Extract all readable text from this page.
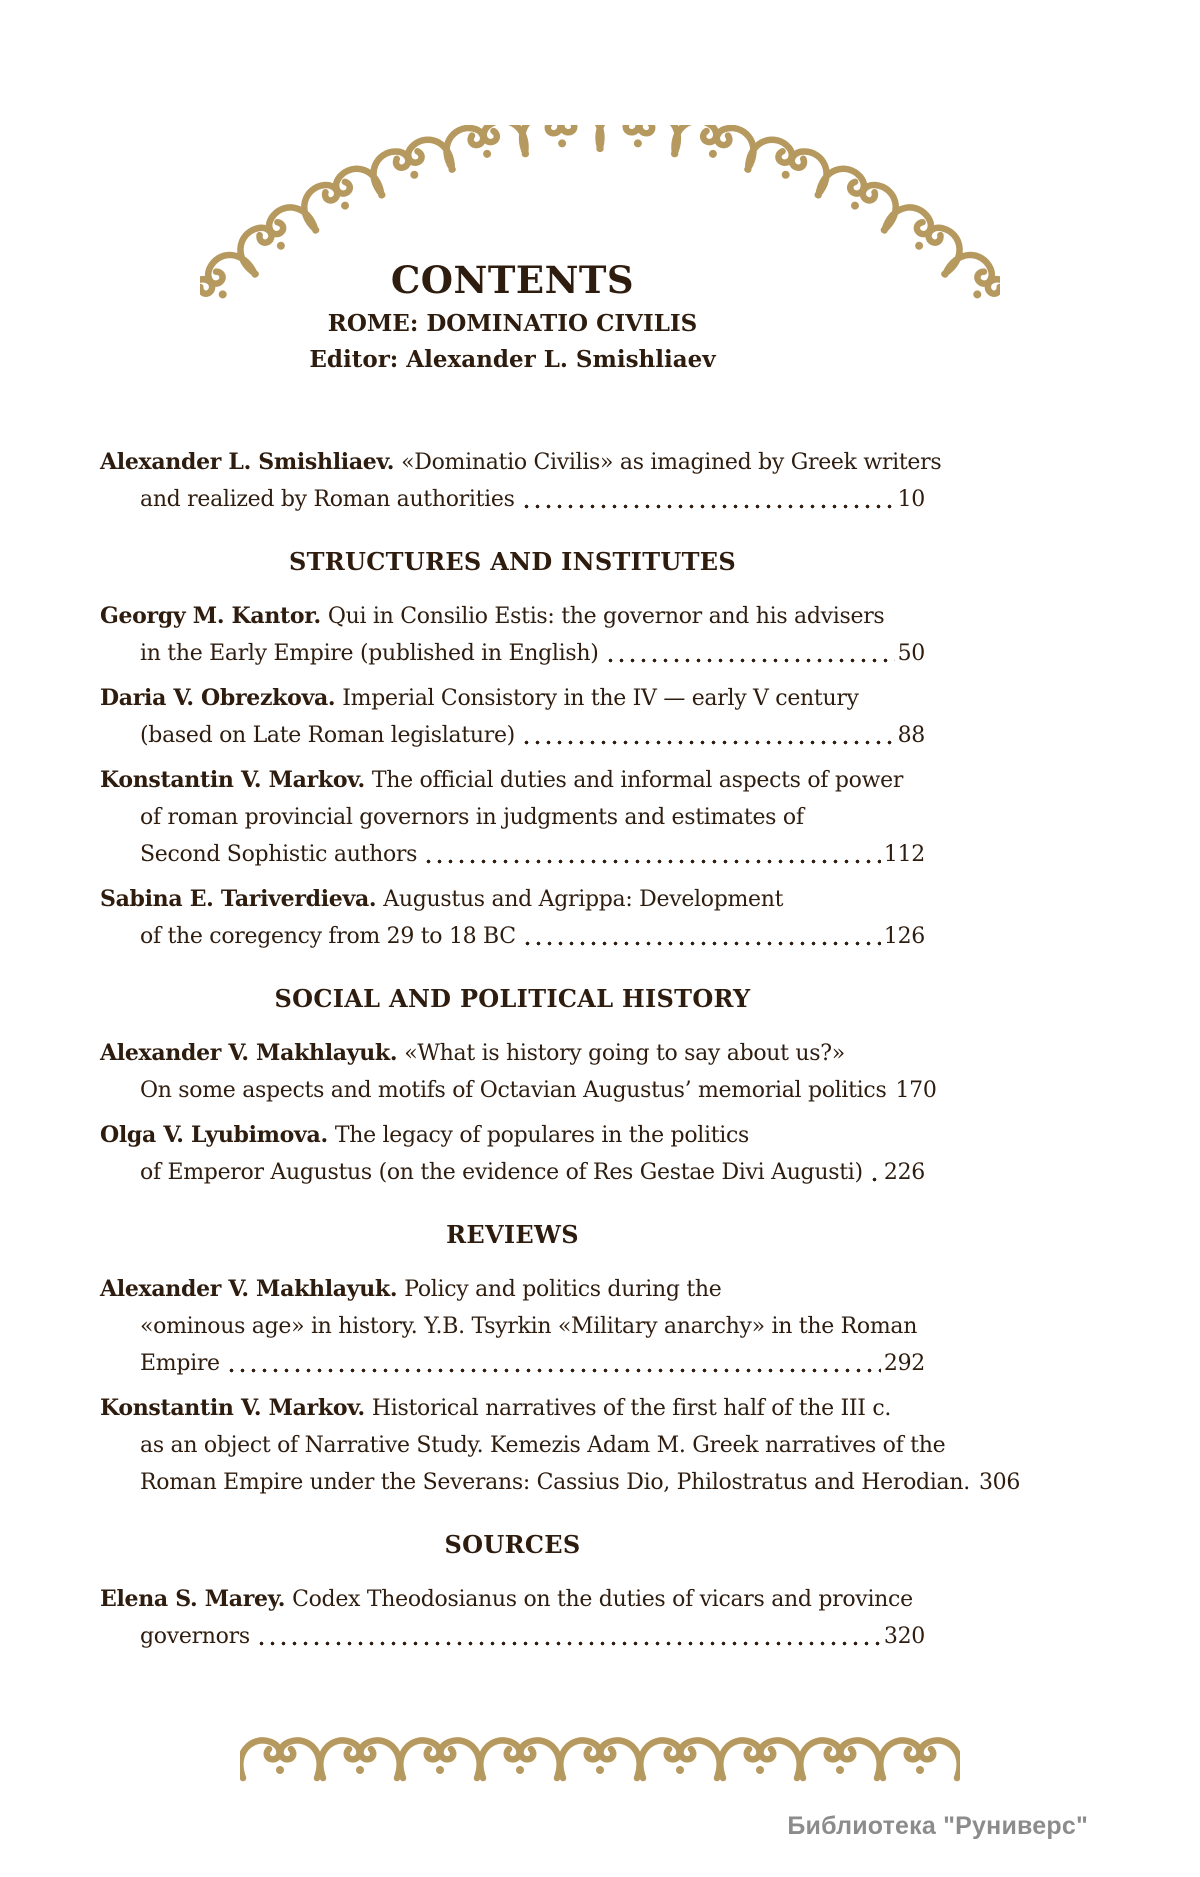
CONTENTS
ROME: DOMINATIO CIVILIS
Editor: Alexander L. Smishliaev
Alexander L. Smishliaev. «Dominatio Civilis» as imagined by Greek writers
and realized by Roman authorities	10
STRUCTURES AND INSTITUTES
Georgy M. Kantor. Qui in Consilio Estis: the governor and his advisers
in the Early Empire (published in English)	50
Daria V. Obrezkova. Imperial Consistory in the IV — early V century
(based on Late Roman legislature)	88
Konstantin V. Markov. The official duties and informal aspects of power
of roman provincial governors in judgments and estimates of
Second Sophistic authors	112
Sabina E. Tariverdieva. Augustus and Agrippa: Development
of the coregency from 29 to 18 BC	126
SOCIAL AND POLITICAL HISTORY
Alexander V. Makhlayuk. «What is history going to say about us?»
On some aspects and motifs of Octavian Augustus’ memorial politics 170
Olga V. Lyubimova. The legacy of populares in the politics
of Emperor Augustus (on the evidence of Res Gestae Divi Augusti) 226
REVIEWS
Alexander V. Makhlayuk. Policy and politics during the
«ominous age» in history. Y.B. Tsyrkin «Military anarchy» in the Roman
Empire	292
Konstantin V. Markov. Historical narratives of the first half of the III c.
as an object of Narrative Study. Kemezis Adam M. Greek narratives of the
Roman Empire under the Severans: Cassius Dio, Philostratus and Herodian. 306
SOURCES
Elena S. Marey. Codex Theodosianus on the duties of vicars and province
governors	320
Библиотека "Руниверс"
